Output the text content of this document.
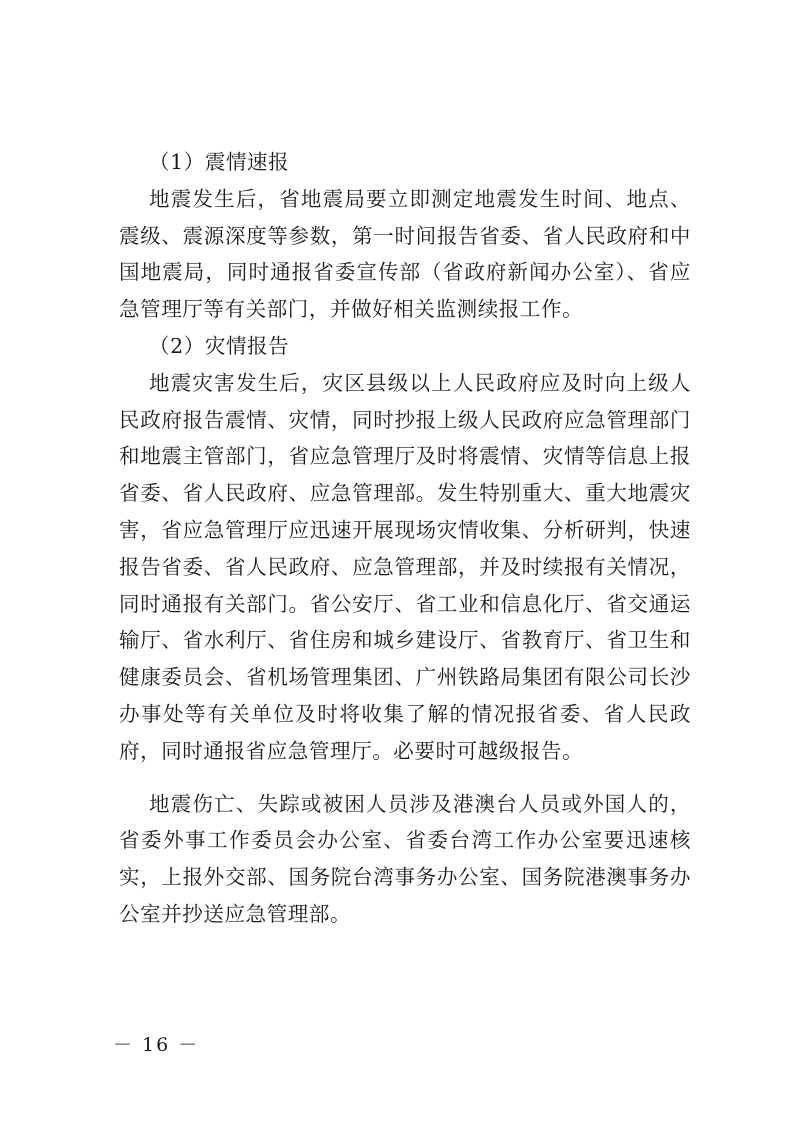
（1）震情速报

地震发生后，省地震局要立即测定地震发生时间、地点、震级、震源深度等参数，第一时间报告省委、省人民政府和中国地震局，同时通报省委宣传部（省政府新闻办公室）、省应急管理厅等有关部门，并做好相关监测续报工作。

（2）灾情报告

地震灾害发生后，灾区县级以上人民政府应及时向上级人民政府报告震情、灾情，同时抄报上级人民政府应急管理部门和地震主管部门，省应急管理厅及时将震情、灾情等信息上报省委、省人民政府、应急管理部。发生特别重大、重大地震灾害，省应急管理厅应迅速开展现场灾情收集、分析研判，快速报告省委、省人民政府、应急管理部，并及时续报有关情况，同时通报有关部门。省公安厅、省工业和信息化厅、省交通运输厅、省水利厅、省住房和城乡建设厅、省教育厅、省卫生和健康委员会、省机场管理集团、广州铁路局集团有限公司长沙办事处等有关单位及时将收集了解的情况报省委、省人民政府，同时通报省应急管理厅。必要时可越级报告。

地震伤亡、失踪或被困人员涉及港澳台人员或外国人的，省委外事工作委员会办公室、省委台湾工作办公室要迅速核实，上报外交部、国务院台湾事务办公室、国务院港澳事务办公室并抄送应急管理部。

－ 16 －
